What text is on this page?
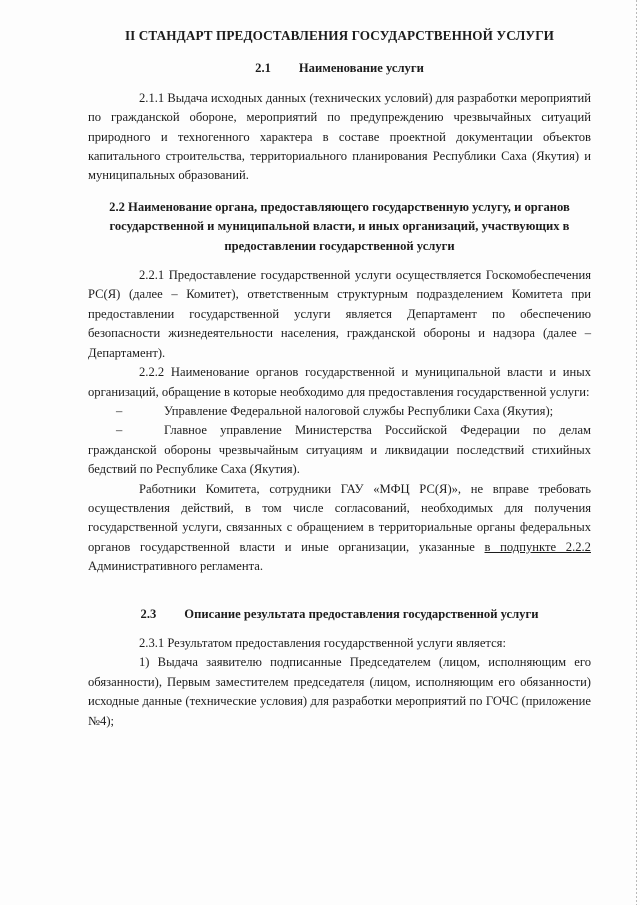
II СТАНДАРТ ПРЕДОСТАВЛЕНИЯ ГОСУДАРСТВЕННОЙ УСЛУГИ
2.1 Наименование услуги

2.1.1 Выдача исходных данных (технических условий) для разработки мероприятий по гражданской обороне, мероприятий по предупреждению чрезвычайных ситуаций природного и техногенного характера в составе проектной документации объектов капитального строительства, территориального планирования Республики Саха (Якутия) и муниципальных образований.

2.2 Наименование органа, предоставляющего государственную услугу, и органов государственной и муниципальной власти, и иных организаций, участвующих в предоставлении государственной услуги

2.2.1 Предоставление государственной услуги осуществляется Госкомобеспечения РС(Я) (далее – Комитет), ответственным структурным подразделением Комитета при предоставлении государственной услуги является Департамент по обеспечению безопасности жизнедеятельности населения, гражданской обороны и надзора (далее – Департамент).

2.2.2 Наименование органов государственной и муниципальной власти и иных организаций, обращение в которые необходимо для предоставления государственной услуги:

–	Управление Федеральной налоговой службы Республики Саха (Якутия);

–	Главное управление Министерства Российской Федерации по делам гражданской обороны чрезвычайным ситуациям и ликвидации последствий стихийных бедствий по Республике Саха (Якутия).

Работники Комитета, сотрудники ГАУ «МФЦ РС(Я)», не вправе требовать осуществления действий, в том числе согласований, необходимых для получения государственной услуги, связанных с обращением в территориальные органы федеральных органов государственной власти и иные организации, указанные в подпункте 2.2.2 Административного регламента.

2.3 Описание результата предоставления государственной услуги

2.3.1 Результатом предоставления государственной услуги является:

1) Выдача заявителю подписанные Председателем (лицом, исполняющим его обязанности), Первым заместителем председателя (лицом, исполняющим его обязанности) исходные данные (технические условия) для разработки мероприятий по ГОЧС (приложение №4);
